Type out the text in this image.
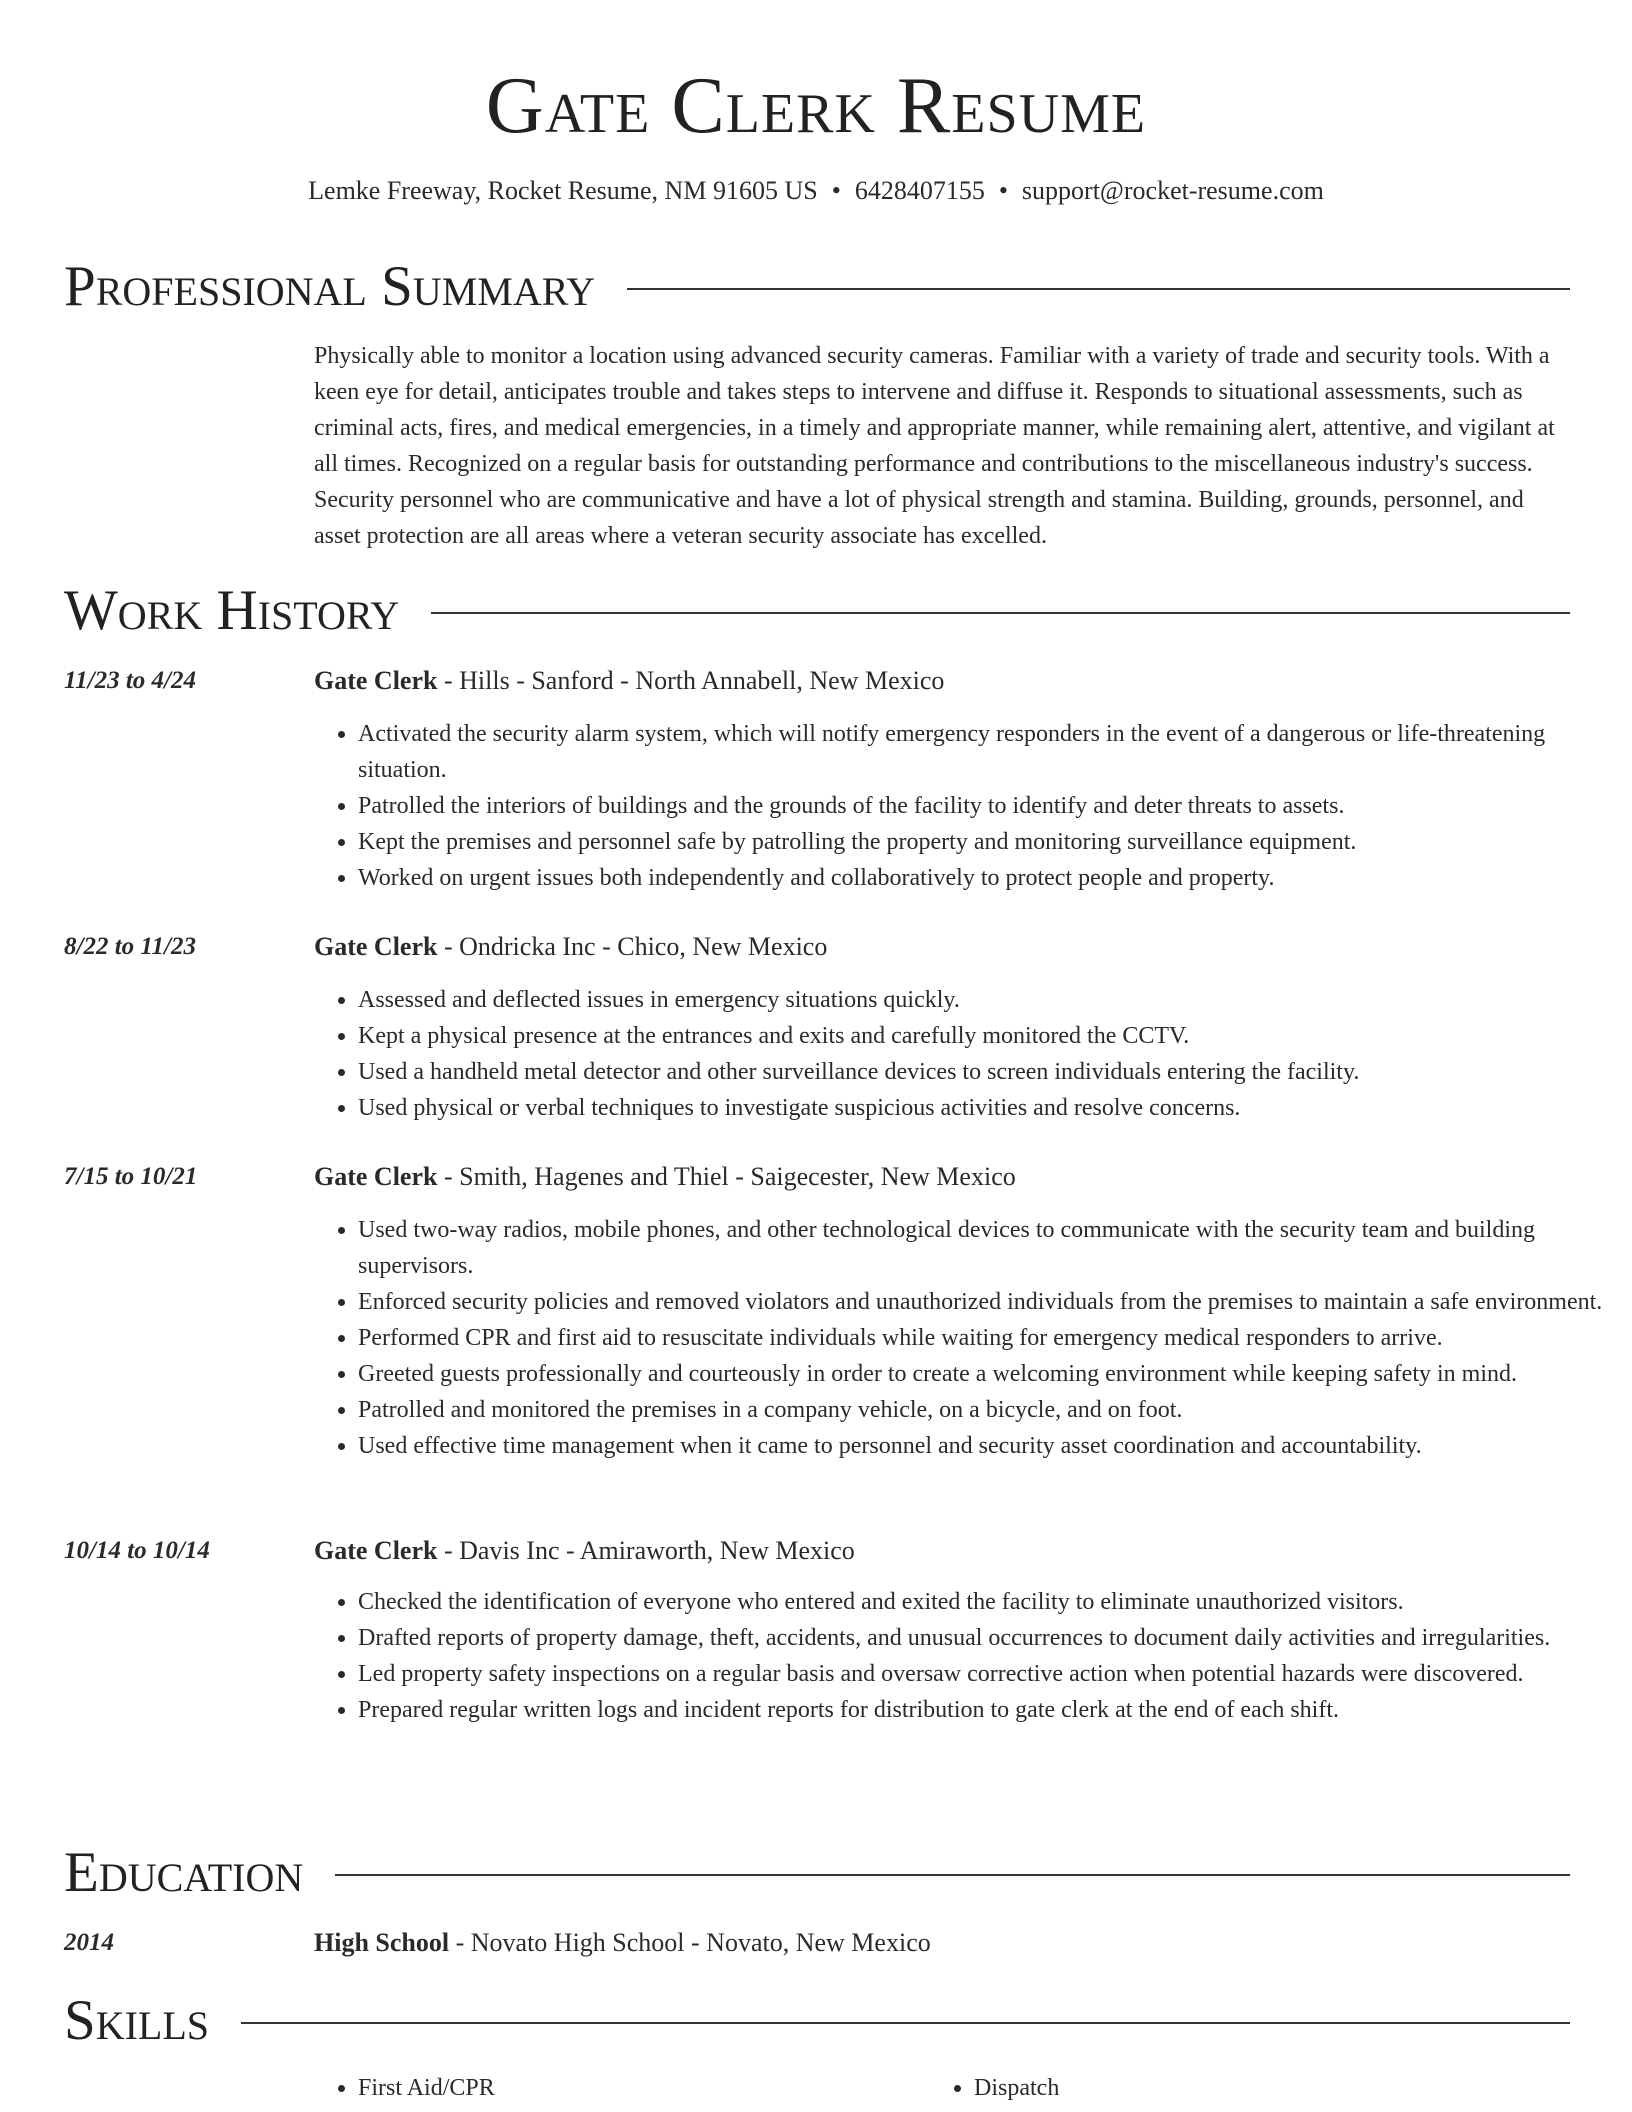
Gate Clerk Resume
Lemke Freeway, Rocket Resume, NM 91605 US • 6428407155 • support@rocket-resume.com
Professional Summary

Physically able to monitor a location using advanced security cameras. Familiar with a variety of trade and security tools. With a keen eye for detail, anticipates trouble and takes steps to intervene and diffuse it. Responds to situational assessments, such as criminal acts, fires, and medical emergencies, in a timely and appropriate manner, while remaining alert, attentive, and vigilant at all times. Recognized on a regular basis for outstanding performance and contributions to the miscellaneous industry's success. Security personnel who are communicative and have a lot of physical strength and stamina. Building, grounds, personnel, and asset protection are all areas where a veteran security associate has excelled.

Work History
11/23 to 4/24	Gate Clerk - Hills - Sanford - North Annabell, New Mexico
• Activated the security alarm system, which will notify emergency responders in the event of a dangerous or life-threatening situation.
• Patrolled the interiors of buildings and the grounds of the facility to identify and deter threats to assets.
• Kept the premises and personnel safe by patrolling the property and monitoring surveillance equipment.
• Worked on urgent issues both independently and collaboratively to protect people and property.
8/22 to 11/23	Gate Clerk - Ondricka Inc - Chico, New Mexico
• Assessed and deflected issues in emergency situations quickly.
• Kept a physical presence at the entrances and exits and carefully monitored the CCTV.
• Used a handheld metal detector and other surveillance devices to screen individuals entering the facility.
• Used physical or verbal techniques to investigate suspicious activities and resolve concerns.
7/15 to 10/21	Gate Clerk - Smith, Hagenes and Thiel - Saigecester, New Mexico
• Used two-way radios, mobile phones, and other technological devices to communicate with the security team and building supervisors.
• Enforced security policies and removed violators and unauthorized individuals from the premises to maintain a safe environment.
• Performed CPR and first aid to resuscitate individuals while waiting for emergency medical responders to arrive.
• Greeted guests professionally and courteously in order to create a welcoming environment while keeping safety in mind.
• Patrolled and monitored the premises in a company vehicle, on a bicycle, and on foot.
• Used effective time management when it came to personnel and security asset coordination and accountability.
10/14 to 10/14	Gate Clerk - Davis Inc - Amiraworth, New Mexico
• Checked the identification of everyone who entered and exited the facility to eliminate unauthorized visitors.
• Drafted reports of property damage, theft, accidents, and unusual occurrences to document daily activities and irregularities.
• Led property safety inspections on a regular basis and oversaw corrective action when potential hazards were discovered.
• Prepared regular written logs and incident reports for distribution to gate clerk at the end of each shift.
Education
2014	High School - Novato High School - Novato, New Mexico
Skills
• First Aid/CPR
•	Dispatch
